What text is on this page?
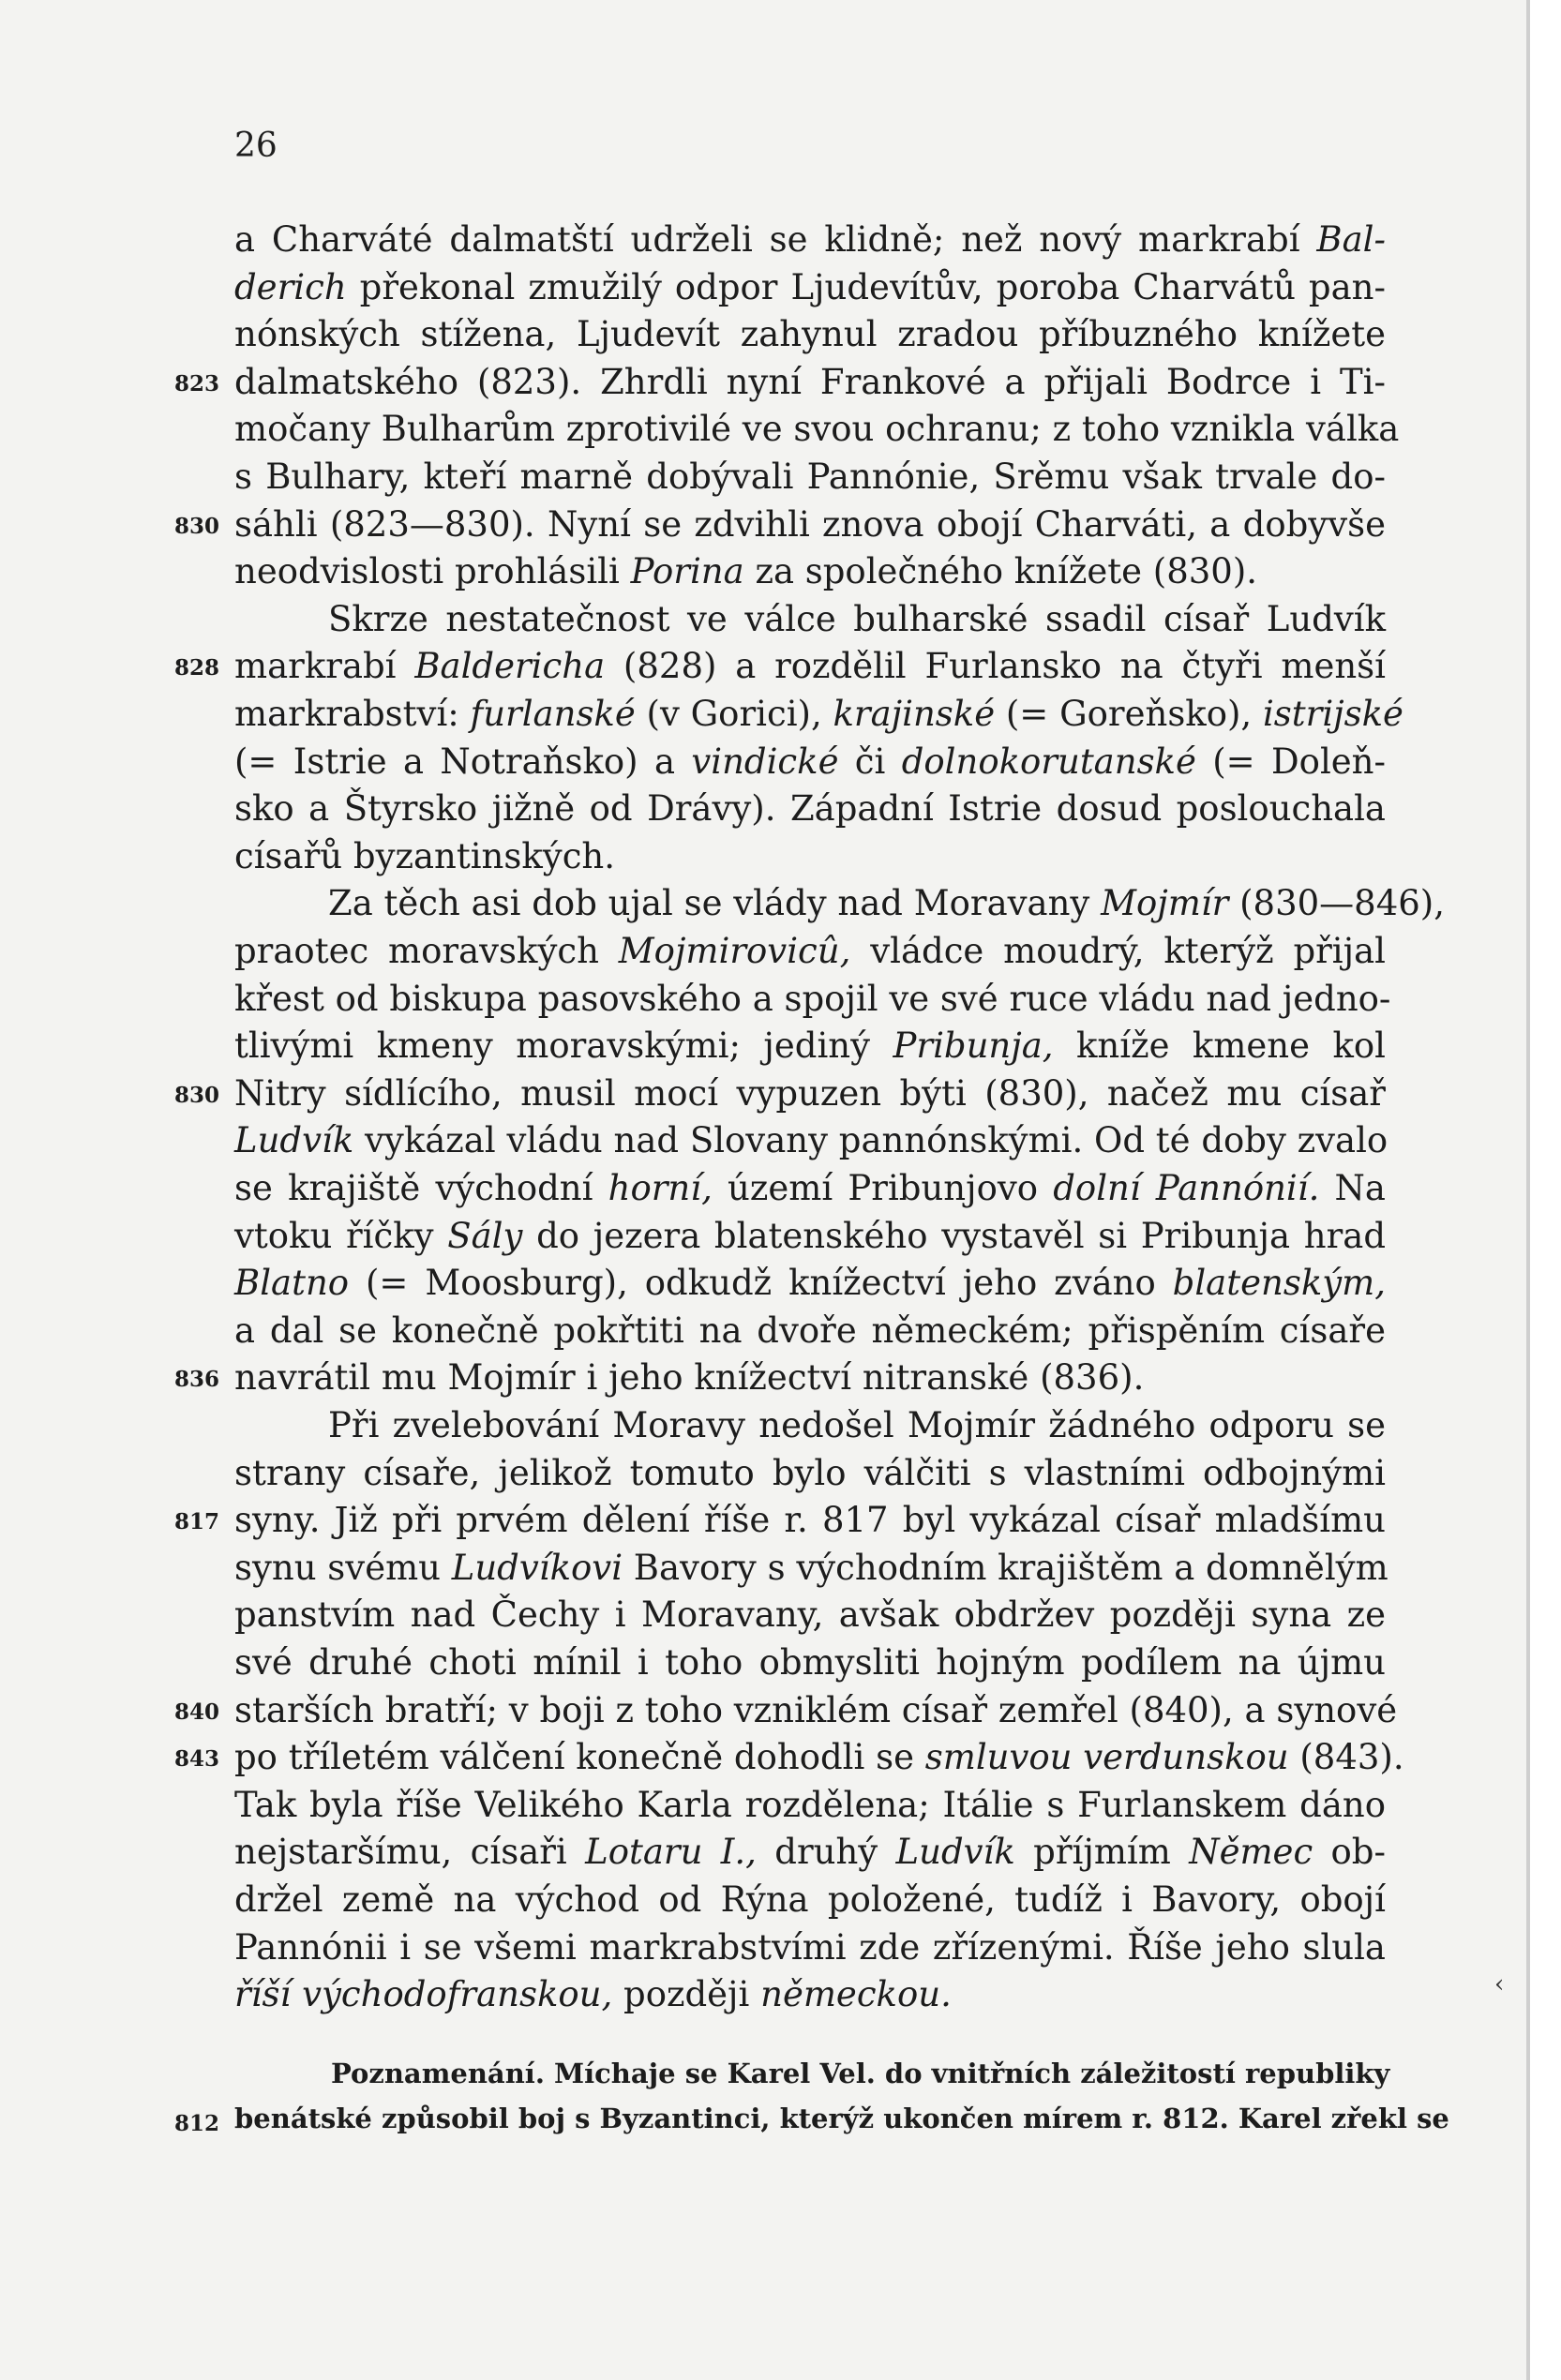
26
a Charváté dalmatští udrželi se klidně; než nový markrabí Bal-
derich překonal zmužilý odpor Ljudevítův, poroba Charvátů pan-
nónských stížena, Ljudevít zahynul zradou příbuzného knížete
dalmatského (823). Zhrdli nyní Frankové a přijali Bodrce i Ti-
823
močany Bulharům zprotivilé ve svou ochranu; z toho vznikla válka
s Bulhary, kteří marně dobývali Pannónie, Srěmu však trvale do-
sáhli (823—830). Nyní se zdvihli znova obojí Charváti, a dobyvše
830
neodvislosti prohlásili Porina za společného knížete (830).
Skrze nestatečnost ve válce bulharské ssadil císař Ludvík
markrabí Baldericha (828) a rozdělil Furlansko na čtyři menší
828
markrabství: furlanské (v Gorici), krajinské (= Goreňsko), istrijské
(= Istrie a Notraňsko) a vindické či dolnokorutanské (= Doleň-
sko a Štyrsko jižně od Drávy). Západní Istrie dosud poslouchala
císařů byzantinských.
Za těch asi dob ujal se vlády nad Moravany Mojmír (830—846),
praotec moravských Mojmirovicû, vládce moudrý, kterýž přijal
křest od biskupa pasovského a spojil ve své ruce vládu nad jedno-
tlivými kmeny moravskými; jediný Pribunja, kníže kmene kol
Nitry sídlícího, musil mocí vypuzen býti (830), načež mu císař
830
Ludvík vykázal vládu nad Slovany pannónskými. Od té doby zvalo
se krajiště východní horní, území Pribunjovo dolní Pannónií. Na
vtoku říčky Sály do jezera blatenského vystavěl si Pribunja hrad
Blatno (= Moosburg), odkudž knížectví jeho zváno blatenským,
a dal se konečně pokřtiti na dvoře německém; přispěním císaře
navrátil mu Mojmír i jeho knížectví nitranské (836).
836
Při zvelebování Moravy nedošel Mojmír žádného odporu se
strany císaře, jelikož tomuto bylo válčiti s vlastními odbojnými
syny. Již při prvém dělení říše r. 817 byl vykázal císař mladšímu
817
synu svému Ludvíkovi Bavory s východním krajištěm a domnělým
panstvím nad Čechy i Moravany, avšak obdržev později syna ze
své druhé choti mínil i toho obmysliti hojným podílem na újmu
starších bratří; v boji z toho vzniklém císař zemřel (840), a synové
840
po tříletém válčení konečně dohodli se smluvou verdunskou (843).
843
Tak byla říše Velikého Karla rozdělena; Itálie s Furlanskem dáno
nejstaršímu, císaři Lotaru I., druhý Ludvík příjmím Němec ob-
držel země na východ od Rýna položené, tudíž i Bavory, obojí
Pannónii i se všemi markrabstvími zde zřízenými. Říše jeho slula
říší východofranskou, později německou.
Poznamenání. Míchaje se Karel Vel. do vnitřních záležitostí republiky
benátské způsobil boj s Byzantinci, kterýž ukončen mírem r. 812. Karel zřekl se
812
‹
